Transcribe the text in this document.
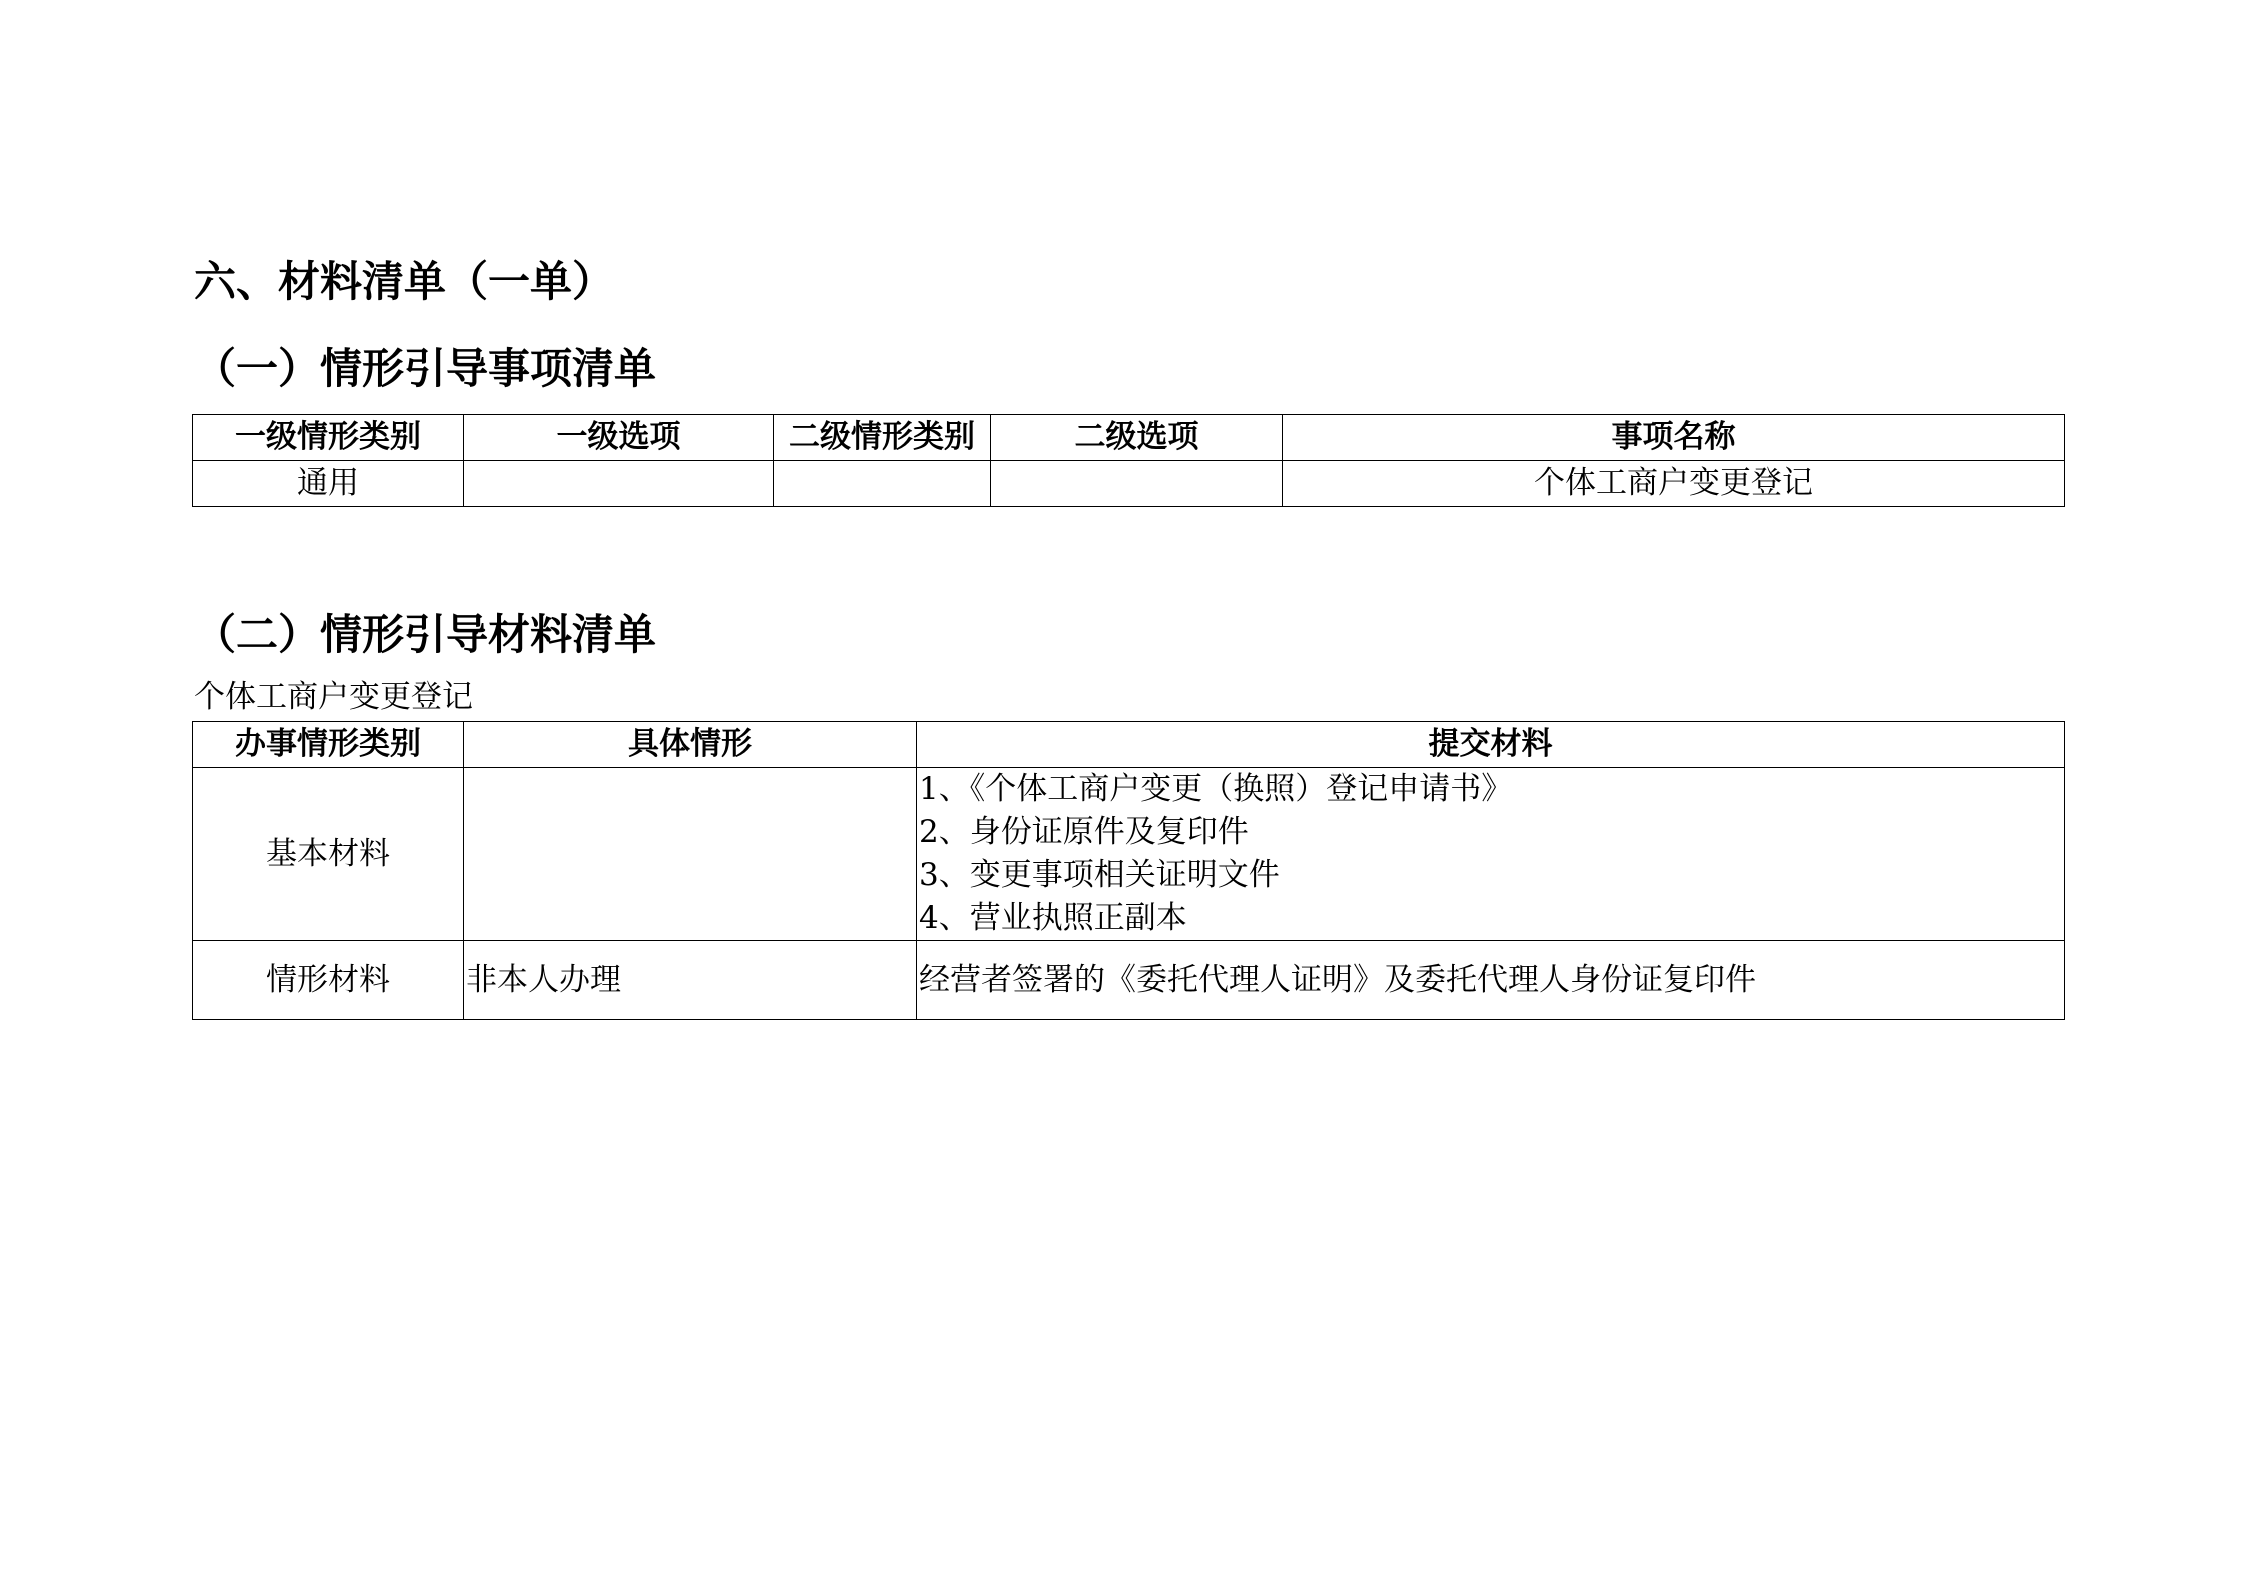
六、材料清单（一单）
（一）情形引导事项清单
一级情形类别	一级选项	二级情形类别	二级选项	事项名称
通用				个体工商户变更登记
（二）情形引导材料清单
个体工商户变更登记
办事情形类别	具体情形	提交材料
基本材料		1、《个体工商户变更（换照）登记申请书》
2、身份证原件及复印件
3、变更事项相关证明文件
4、营业执照正副本

情形材料	非本人办理	经营者签署的《委托代理人证明》及委托代理人身份证复印件
